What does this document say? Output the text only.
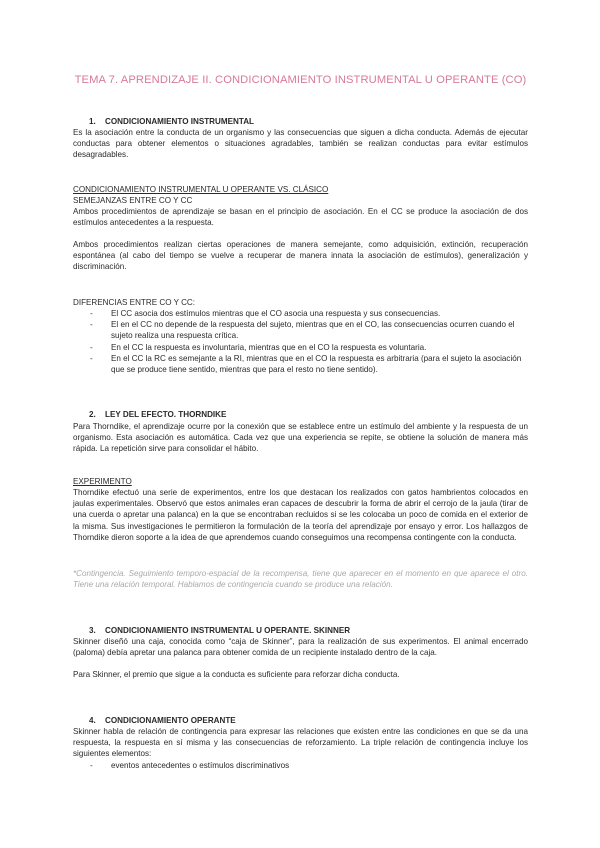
TEMA 7. APRENDIZAJE II. CONDICIONAMIENTO INSTRUMENTAL U OPERANTE (CO)
1. CONDICIONAMIENTO INSTRUMENTAL
Es la asociación entre la conducta de un organismo y las consecuencias que siguen a dicha conducta. Además de ejecutar conductas para obtener elementos o situaciones agradables, también se realizan conductas para evitar estímulos desagradables.
CONDICIONAMIENTO INSTRUMENTAL U OPERANTE VS. CLÁSICO
SEMEJANZAS ENTRE CO Y CC
Ambos procedimientos de aprendizaje se basan en el principio de asociación. En el CC se produce la asociación de dos estímulos antecedentes a la respuesta.
Ambos procedimientos realizan ciertas operaciones de manera semejante, como adquisición, extinción, recuperación espontánea (al cabo del tiempo se vuelve a recuperar de manera innata la asociación de estímulos), generalización y discriminación.
DIFERENCIAS ENTRE CO Y CC:
- El CC asocia dos estímulos mientras que el CO asocia una respuesta y sus consecuencias.
- El en el CC no depende de la respuesta del sujeto, mientras que en el CO, las consecuencias ocurren cuando el sujeto realiza una respuesta crítica.
- En el CC la respuesta es involuntaria, mientras que en el CO la respuesta es voluntaria.
- En el CC la RC es semejante a la RI, mientras que en el CO la respuesta es arbitraria (para el sujeto la asociación que se produce tiene sentido, mientras que para el resto no tiene sentido).
2. LEY DEL EFECTO. THORNDIKE
Para Thorndike, el aprendizaje ocurre por la conexión que se establece entre un estímulo del ambiente y la respuesta de un organismo. Esta asociación es automática. Cada vez que una experiencia se repite, se obtiene la solución de manera más rápida. La repetición sirve para consolidar el hábito.
EXPERIMENTO
Thorndike efectuó una serie de experimentos, entre los que destacan los realizados con gatos hambrientos colocados en jaulas experimentales. Observó que estos animales eran capaces de descubrir la forma de abrir el cerrojo de la jaula (tirar de una cuerda o apretar una palanca) en la que se encontraban recluidos si se les colocaba un poco de comida en el exterior de la misma. Sus investigaciones le permitieron la formulación de la teoría del aprendizaje por ensayo y error. Los hallazgos de Thorndike dieron soporte a la idea de que aprendemos cuando conseguimos una recompensa contingente con la conducta.
*Contingencia. Seguimiento temporo-espacial de la recompensa, tiene que aparecer en el momento en que aparece el otro. Tiene una relación temporal. Hablamos de contingencia cuando se produce una relación.
3. CONDICIONAMIENTO INSTRUMENTAL U OPERANTE. SKINNER
Skinner diseñó una caja, conocida como “caja de Skinner”, para la realización de sus experimentos. El animal encerrado (paloma) debía apretar una palanca para obtener comida de un recipiente instalado dentro de la caja.
Para Skinner, el premio que sigue a la conducta es suficiente para reforzar dicha conducta.
4. CONDICIONAMIENTO OPERANTE
Skinner habla de relación de contingencia para expresar las relaciones que existen entre las condiciones en que se da una respuesta, la respuesta en sí misma y las consecuencias de reforzamiento. La triple relación de contingencia incluye los siguientes elementos:
- eventos antecedentes o estímulos discriminativos
